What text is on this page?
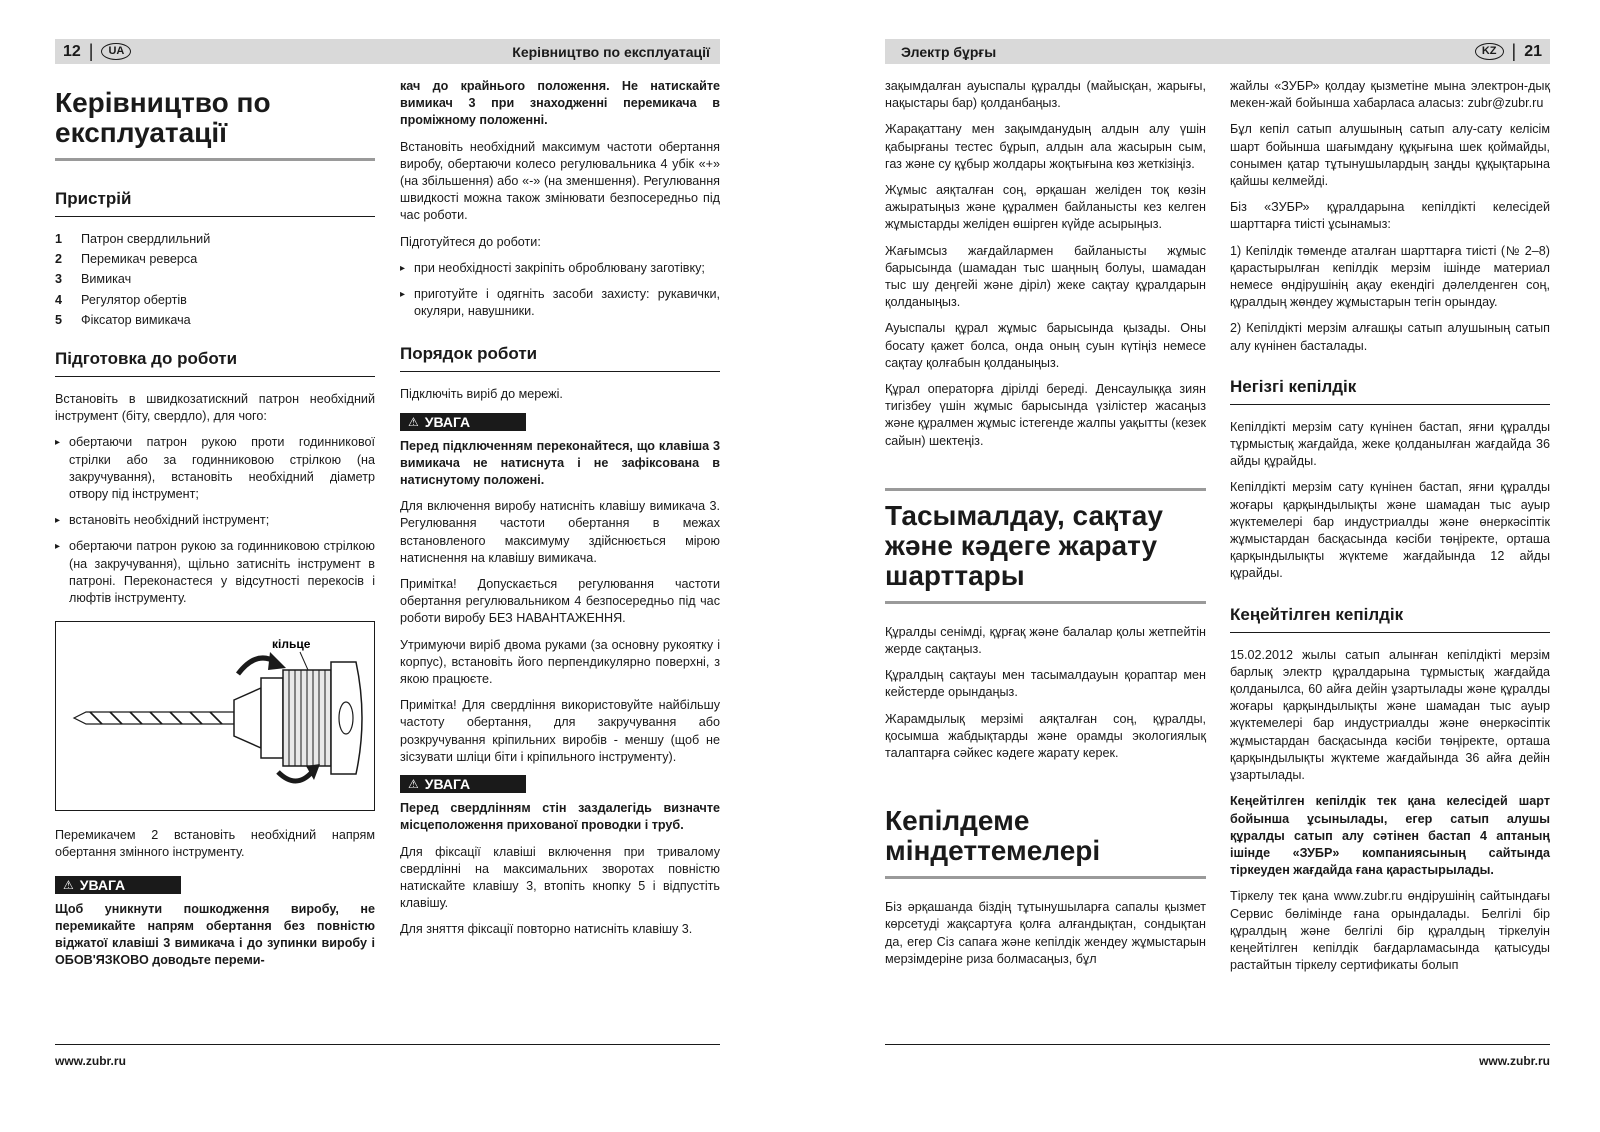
12 |	UA	Керівництво по експлуатації
Керівництво по експлуатації
Пристрій
1	Патрон свердлильний
2	Перемикач реверса
3	Вимикач
4	Регулятор обертів
5	Фіксатор вимикача
Підготовка до роботи

Встановіть в швидкозатискний патрон необхідний інструмент (біту, свердло), для чого:

▸ обертаючи патрон рукою проти годинникової стрілки або за годинниковою стрілкою (на закручування), встановіть необхідний діаметр отвору під інструмент;
▸ встановіть необхідний інструмент;
▸ обертаючи патрон рукою за годинниковою стрілкою (на закручування), щільно затисніть інструмент в патроні. Переконастеся у відсутності перекосів і люфтів інструменту.
кільце

Перемикачем 2 встановіть необхідний напрям обертання змінного інструменту.

⚠ УВАГА

Щоб уникнути пошкодження виробу, не перемикайте напрям обертання без повністю віджатої клавіші 3 вимикача і до зупинки виробу і ОБОВ'ЯЗКОВО доводьте переми-

кач до крайнього положення. Не натискайте вимикач 3 при знаходженні перемикача в проміжному положенні.

Встановіть необхідний максимум частоти обертання виробу, обертаючи колесо регулювальника 4 убік «+» (на збільшення) або «-» (на зменшення). Регулювання швидкості можна також змінювати безпосередньо під час роботи.

Підготуйтеся до роботи:

▸ при необхідності закріпіть оброблювану заготівку;
▸ приготуйте і одягніть засоби захисту: рукавички, окуляри, навушники.
Порядок роботи

Підключіть виріб до мережі.

⚠ УВАГА

Перед підключенням переконайтеся, що клавіша 3 вимикача не натиснута і не зафіксована в натиснутому положені.

Для включення виробу натисніть клавішу вимикача 3. Регулювання частоти обертання в межах встановленого максимуму здійснюється мірою натиснення на клавішу вимикача.

Примітка! Допускається регулювання частоти обертання регулювальником 4 безпосередньо під час роботи виробу БЕЗ НАВАНТАЖЕННЯ.

Утримуючи виріб двома руками (за основну рукоятку і корпус), встановіть його перпендикулярно поверхні, з якою працюєте.

Примітка! Для свердління використовуйте найбільшу частоту обертання, для закручування або розкручування кріпильних виробів - меншу (щоб не зісзувати шліци біти і кріпильного інструменту).

⚠ УВАГА

Перед свердлінням стін заздалегідь визначте місцеположення прихованої проводки і труб.

Для фіксації клавіші включення при тривалому свердлінні на максимальних зворотах повністю натискайте клавішу 3, втопіть кнопку 5 і відпустіть клавішу.

Для зняття фіксації повторно натисніть клавішу 3.

www.zubr.ru
Электр бұрғы	KZ | 21

зақымдалған ауыспалы құралды (майысқан, жарығы, нақыстары бар) қолданбаңыз.

Жарақаттану мен зақымданудың алдын алу үшін қабырғаны тестес бұрып, алдын ала жасырын сым, газ және су құбыр жолдары жоқтығына көз жеткізіңіз.

Жұмыс аяқталған соң, әрқашан желіден тоқ көзін ажыратыңыз және құралмен байланысты кез келген жұмыстарды желіден өшірген күйде асырыңыз.

Жағымсыз жағдайлармен байланысты жұмыс барысында (шамадан тыс шаңның болуы, шамадан тыс шу деңгейі және діріл) жеке сақтау құралдарын қолданыңыз.

Ауыспалы құрал жұмыс барысында қызады. Оны босату қажет болса, онда оның суын күтіңіз немесе сақтау қолғабын қолданыңыз.

Құрал операторға дірілді береді. Денсаулыққа зиян тигізбеу үшін жұмыс барысында үзілістер жасаңыз және құралмен жұмыс істегенде жалпы уақытты (кезек сайын) шектеңіз.

Тасымалдау, сақтау және кәдеге жарату шарттары

Құралды сенімді, құрғақ және балалар қолы жетпейтін жерде сақтаңыз.

Құралдың сақтауы мен тасымалдауын қораптар мен кейстерде орындаңыз.

Жарамдылық мерзімі аяқталған соң, құралды, қосымша жабдықтарды және орамды экологиялық талаптарға сәйкес кәдеге жарату керек.

Кепілдеме міндеттемелері

Біз әрқашанда біздің тұтынушыларға сапалы қызмет көрсетуді жақсартуға қолға алғандықтан, сондықтан да, егер Сіз сапаға және кепілдік жендеу жұмыстарын мерзімдеріне риза болмасаңыз, бұл

жайлы «ЗУБР» қолдау қызметіне мына электрон-дық мекен-жай бойынша хабарласа аласыз: zubr@zubr.ru

Бұл кепіл сатып алушының сатып алу-сату келісім шарт бойынша шағымдану құқығына шек қоймайды, сонымен қатар тұтынушылардың заңды құқықтарына қайшы келмейді.

Біз «ЗУБР» құралдарына кепілдікті келесідей шарттарға тиісті ұсынамыз:

1) Кепілдік төменде аталған шарттарға тиісті (№ 2–8) қарастырылған кепілдік мерзім ішінде материал немесе өндірушінің ақау екендігі дәлелденген соң, құралдың жөндеу жұмыстарын тегін орындау.

2) Кепілдікті мерзім алғашқы сатып алушының сатып алу күнінен басталады.

Негізгі кепілдік

Кепілдікті мерзім сату күнінен бастап, яғни құралды тұрмыстық жағдайда, жеке қолданылған жағдайда 36 айды құрайды.

Кепілдікті мерзім сату күнінен бастап, яғни құралды жоғары қарқындылықты және шамадан тыс ауыр жүктемелері бар индустриалды және өнеркәсіптік жұмыстардан басқасында кәсіби төңіректе, орташа қарқындылықты жүктеме жағдайында 12 айды құрайды.

Кеңейтілген кепілдік

15.02.2012 жылы сатып алынған кепілдікті мерзім барлық электр құралдарына тұрмыстық жағдайда қолданылса, 60 айға дейін ұзартылады және құралды жоғары қарқындылықты және шамадан тыс ауыр жүктемелері бар индустриалды және өнеркәсіптік жұмыстардан басқасында кәсіби төңіректе, орташа қарқындылықты жүктеме жағдайында 36 айға дейін ұзартылады.

Кеңейтілген кепілдік тек қана келесідей шарт бойынша ұсынылады, егер сатып алушы құралды сатып алу сәтінен бастап 4 аптаның ішінде «ЗУБР» компаниясының сайтында тіркеуден жағдайда ғана қарастырылады.

Тіркелу тек қана www.zubr.ru өндірушінің сайтындағы Сервис бөлімінде ғана орындалады. Белгілі бір құралдың және белгілі бір құралдың тіркелуін кеңейтілген кепілдік бағдарламасында қатысуды растайтын тіркелу сертификаты болып

www.zubr.ru
